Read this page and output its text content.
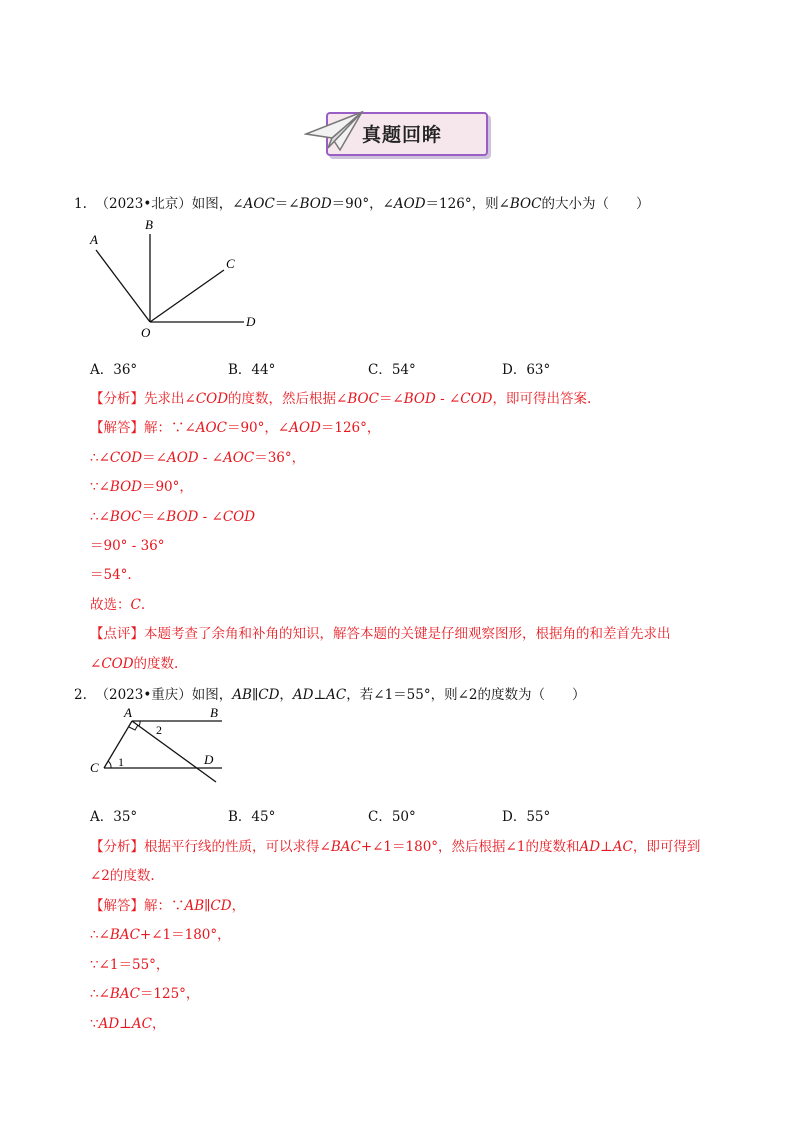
真题回眸
1. （2023•北京）如图，∠AOC＝∠BOD＝90°，∠AOD＝126°，则∠BOC的大小为（　　）
A
B
C
O
D
A．36°	B．44°	C．54°	D．63°
【分析】先求出∠COD的度数，然后根据∠BOC＝∠BOD - ∠COD，即可得出答案.
【解答】解：∵∠AOC＝90°，∠AOD＝126°，
∴∠COD＝∠AOD - ∠AOC＝36°，
∵∠BOD＝90°，
∴∠BOC＝∠BOD - ∠COD
＝90° - 36°
＝54°.
故选：C.
【点评】本题考查了余角和补角的知识，解答本题的关键是仔细观察图形，根据角的和差首先求出
∠COD的度数.
2. （2023•重庆）如图，AB∥CD，AD⊥AC，若∠1＝55°，则∠2的度数为（　　）
A	B
C
D
1
2
A．35°	B．45°	C．50°	D．55°
【分析】根据平行线的性质，可以求得∠BAC+∠1＝180°，然后根据∠1的度数和AD⊥AC，即可得到
∠2的度数.
【解答】解：∵AB∥CD，
∴∠BAC+∠1＝180°，
∵∠1＝55°，
∴∠BAC＝125°，
∵AD⊥AC，
